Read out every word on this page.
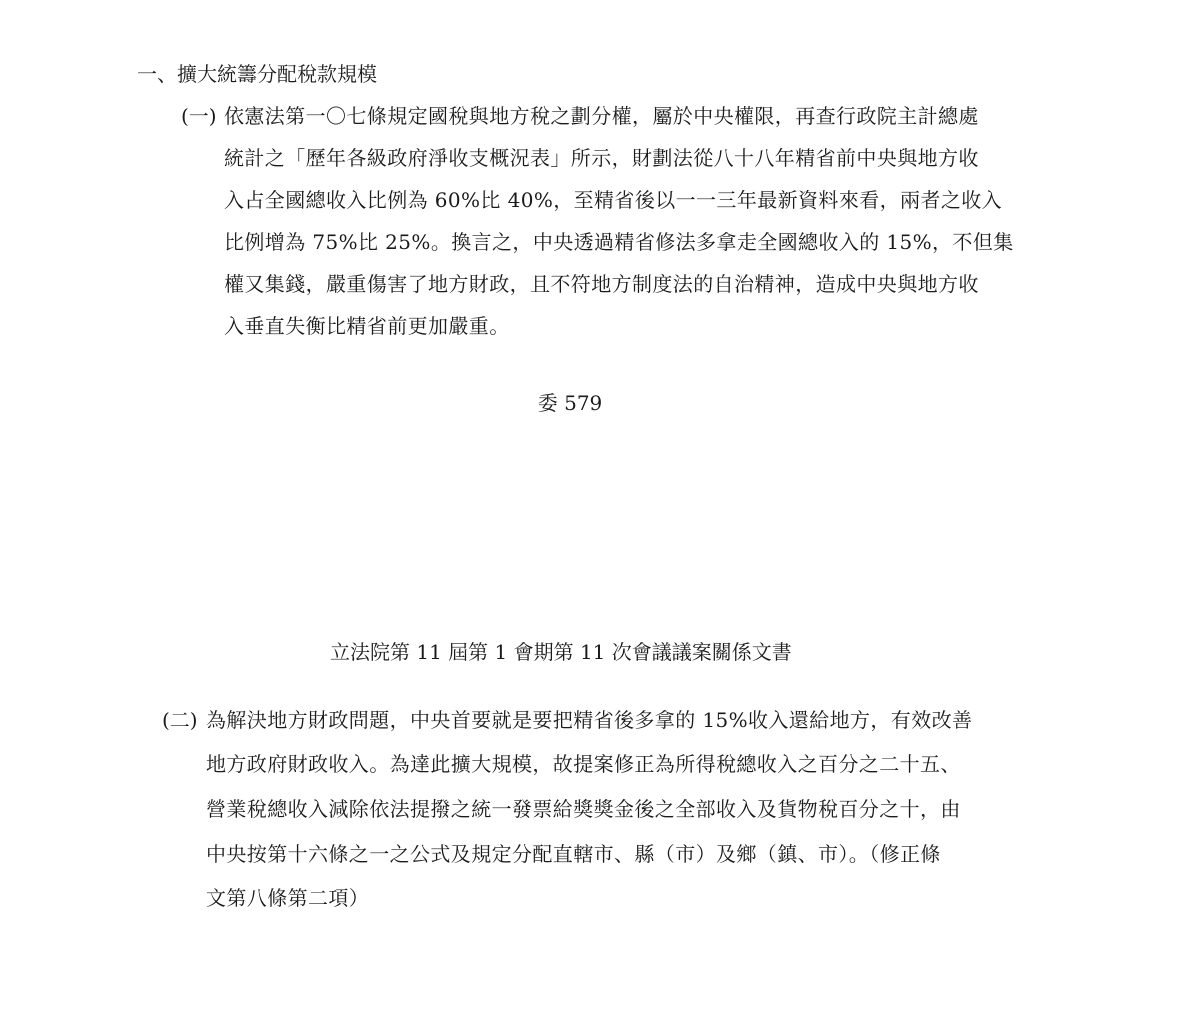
一、擴大統籌分配稅款規模
(一) 依憲法第一〇七條規定國稅與地方稅之劃分權，屬於中央權限，再查行政院主計總處
統計之「歷年各級政府淨收支概況表」所示，財劃法從八十八年精省前中央與地方收
入占全國總收入比例為 60%比 40%，至精省後以一一三年最新資料來看，兩者之收入
比例增為 75%比 25%。換言之，中央透過精省修法多拿走全國總收入的 15%，不但集
權又集錢，嚴重傷害了地方財政，且不符地方制度法的自治精神，造成中央與地方收
入垂直失衡比精省前更加嚴重。
委 579
立法院第 11 屆第 1 會期第 11 次會議議案關係文書
(二) 為解決地方財政問題，中央首要就是要把精省後多拿的 15%收入還給地方，有效改善
地方政府財政收入。為達此擴大規模，故提案修正為所得稅總收入之百分之二十五、
營業稅總收入減除依法提撥之統一發票給獎獎金後之全部收入及貨物稅百分之十，由
中央按第十六條之一之公式及規定分配直轄市、縣（市）及鄉（鎮、市）。（修正條
文第八條第二項）
